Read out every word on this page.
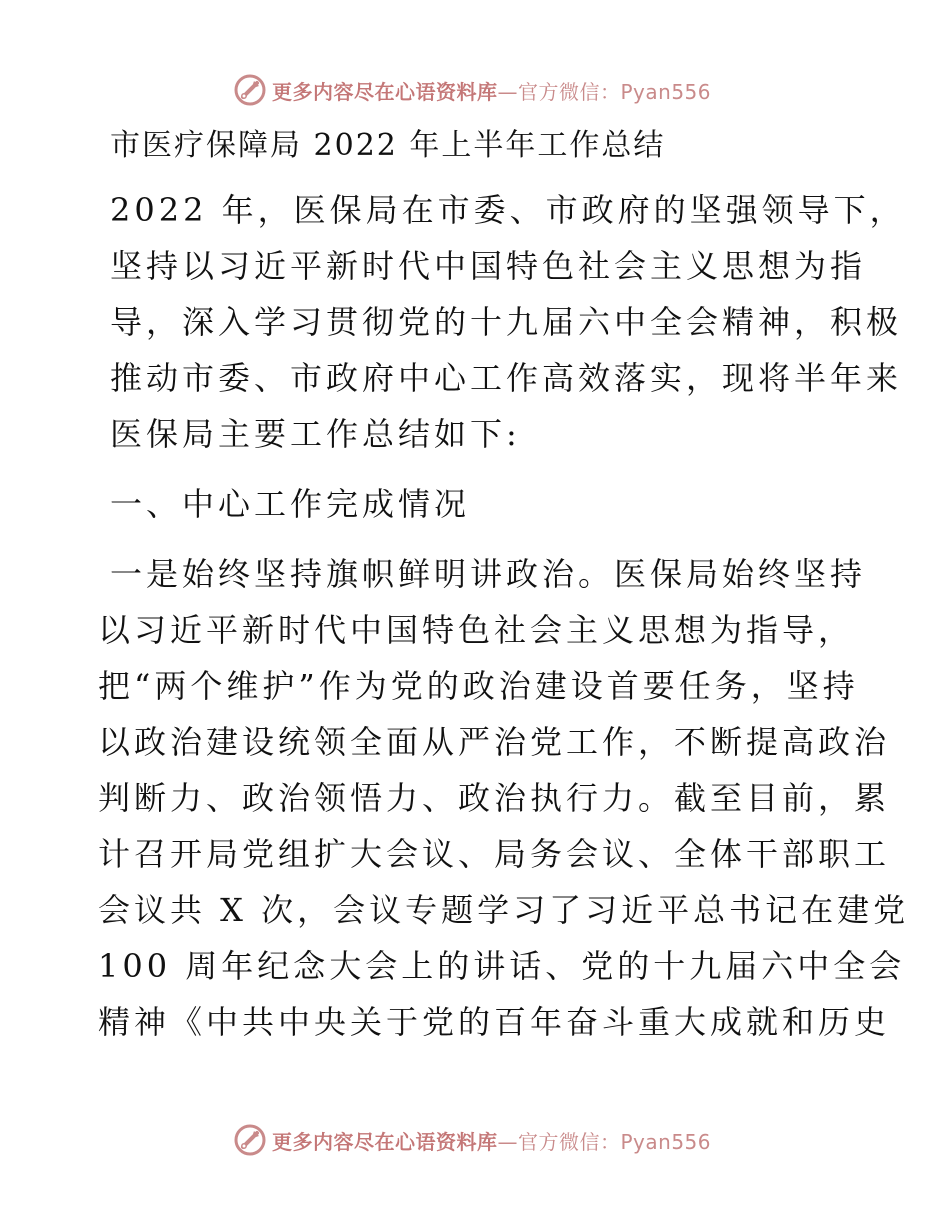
更多内容尽在心语资料库—官方微信：Pyan556
市医疗保障局 2022 年上半年工作总结
2022 年，医保局在市委、市政府的坚强领导下，
坚持以习近平新时代中国特色社会主义思想为指
导，深入学习贯彻党的十九届六中全会精神，积极
推动市委、市政府中心工作高效落实，现将半年来
医保局主要工作总结如下:
一、中心工作完成情况
一是始终坚持旗帜鲜明讲政治。医保局始终坚持
以习近平新时代中国特色社会主义思想为指导，
把“两个维护”作为党的政治建设首要任务，坚持
以政治建设统领全面从严治党工作，不断提高政治
判断力、政治领悟力、政治执行力。截至目前，累
计召开局党组扩大会议、局务会议、全体干部职工
会议共 X 次，会议专题学习了习近平总书记在建党
100 周年纪念大会上的讲话、党的十九届六中全会
精神《中共中央关于党的百年奋斗重大成就和历史
更多内容尽在心语资料库—官方微信：Pyan556
